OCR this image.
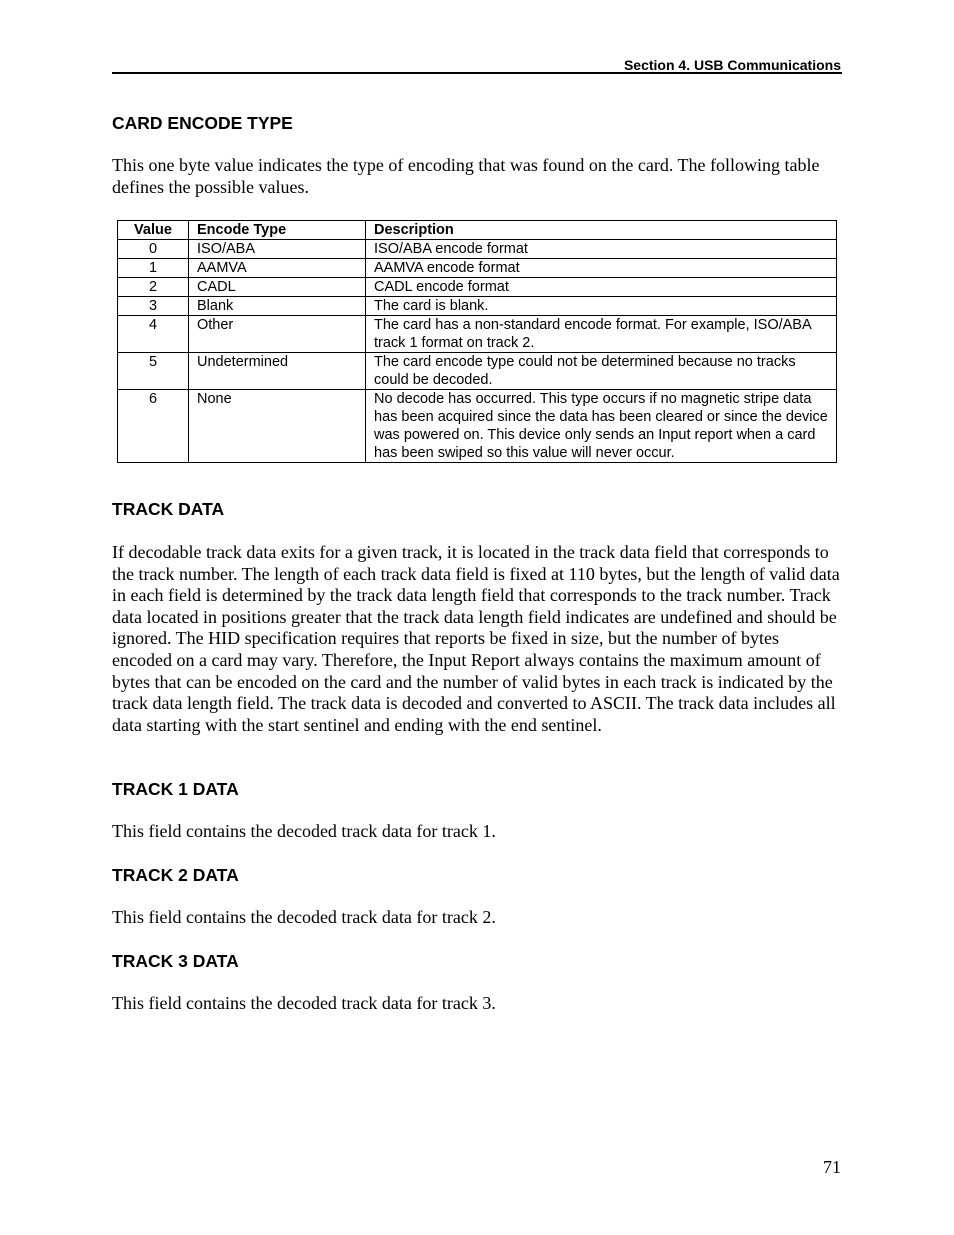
Section 4. USB Communications
CARD ENCODE TYPE

This one byte value indicates the type of encoding that was found on the card. The following table defines the possible values.

Value	Encode Type	Description
0	ISO/ABA	ISO/ABA encode format
1	AAMVA	AAMVA encode format
2	CADL	CADL encode format
3	Blank	The card is blank.
4	Other	The card has a non-standard encode format. For example, ISO/ABA track 1 format on track 2.
5	Undetermined	The card encode type could not be determined because no tracks could be decoded.
6	None	No decode has occurred. This type occurs if no magnetic stripe data has been acquired since the data has been cleared or since the device was powered on. This device only sends an Input report when a card has been swiped so this value will never occur.
TRACK DATA

If decodable track data exits for a given track, it is located in the track data field that corresponds to the track number. The length of each track data field is fixed at 110 bytes, but the length of valid data in each field is determined by the track data length field that corresponds to the track number. Track data located in positions greater that the track data length field indicates are undefined and should be ignored. The HID specification requires that reports be fixed in size, but the number of bytes encoded on a card may vary. Therefore, the Input Report always contains the maximum amount of bytes that can be encoded on the card and the number of valid bytes in each track is indicated by the track data length field. The track data is decoded and converted to ASCII. The track data includes all data starting with the start sentinel and ending with the end sentinel.

TRACK 1 DATA

This field contains the decoded track data for track 1.

TRACK 2 DATA

This field contains the decoded track data for track 2.

TRACK 3 DATA

This field contains the decoded track data for track 3.

71
